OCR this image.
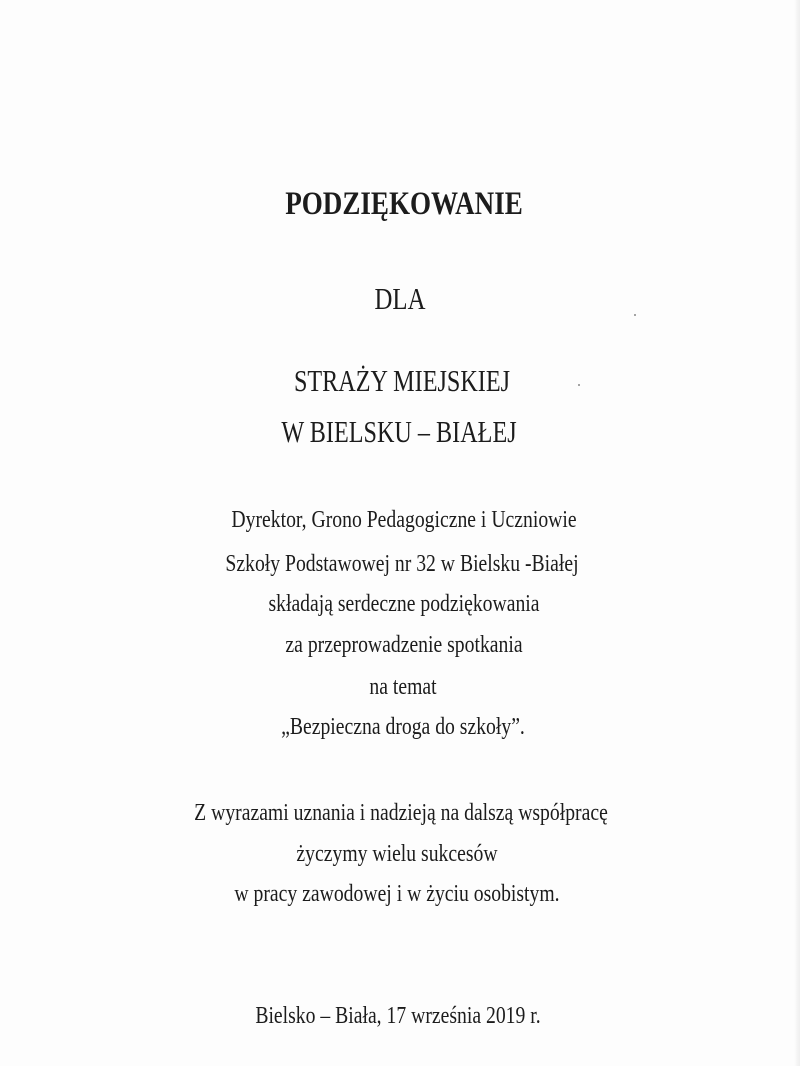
PODZIĘKOWANIE
DLA
STRAŻY MIEJSKIEJ
W BIELSKU – BIAŁEJ
Dyrektor, Grono Pedagogiczne i Uczniowie
Szkoły Podstawowej nr 32 w Bielsku -Białej
składają serdeczne podziękowania
za przeprowadzenie spotkania
na temat
„Bezpieczna droga do szkoły”.
Z wyrazami uznania i nadzieją na dalszą współpracę
życzymy wielu sukcesów
w pracy zawodowej i w życiu osobistym.
Bielsko – Biała, 17 września 2019 r.
